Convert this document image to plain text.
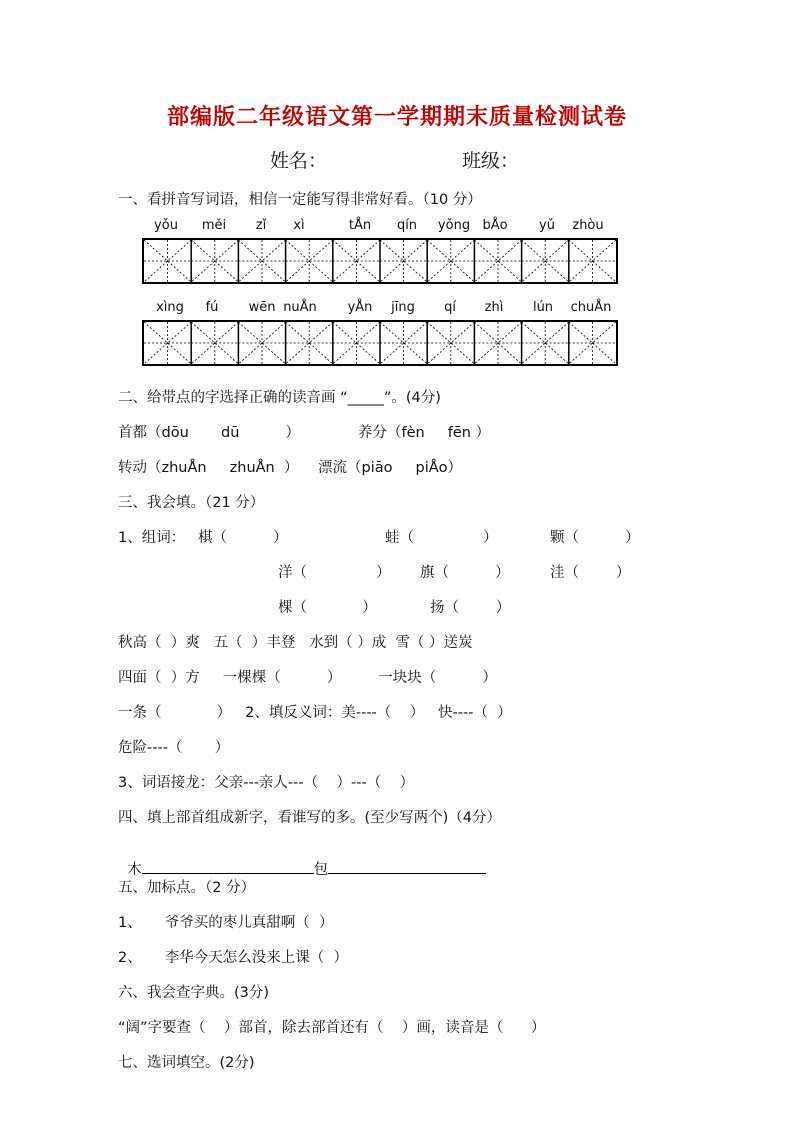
部编版二年级语文第一学期期末质量检测试卷
姓名：	班级：
一、看拼音写词语，相信一定能写得非常好看。（10 分）
yǒu měi zǐ xì	tÅn qín yǒng bÅo yǔ zhòu
xìng fú wēn nuÅn yÅn jīng qí zhì lún chuÅn
二、给带点的字选择正确的读音画 “_____”。(4分)
首都（dōu       dū          ）	养分（fèn     fēn ）
转动（zhuÅn     zhuÅn  ） 漂流（piāo     piÅo）
三、我会填。（21 分）
1、组词： 棋（          ）	蛙（               ）	颗（          ）
洋（               ） 旗（          ）	洼（        ）
棵（            ）	扬（        ）
秋高（  ）爽   五（  ）丰登   水到（ ）成  雪（ ）送炭
四面（  ）方     一棵棵（          ）        一块块（          ）
一条（            ）   2、填反义词：美----（    ）   快----（  ）
危险----（       ）
3、词语接龙：父亲---亲人---（    ）---（    ）
四、填上部首组成新字，看谁写的多。(至少写两个)（4分）

木	包

五、加标点。（2 分）
1、     爷爷买的枣儿真甜啊（  ）
2、     李华今天怎么没来上课（  ）
六、我会查字典。(3分)
“阔”字要查（    ）部首，除去部首还有（    ）画，读音是（      ）
七、选词填空。(2分)
